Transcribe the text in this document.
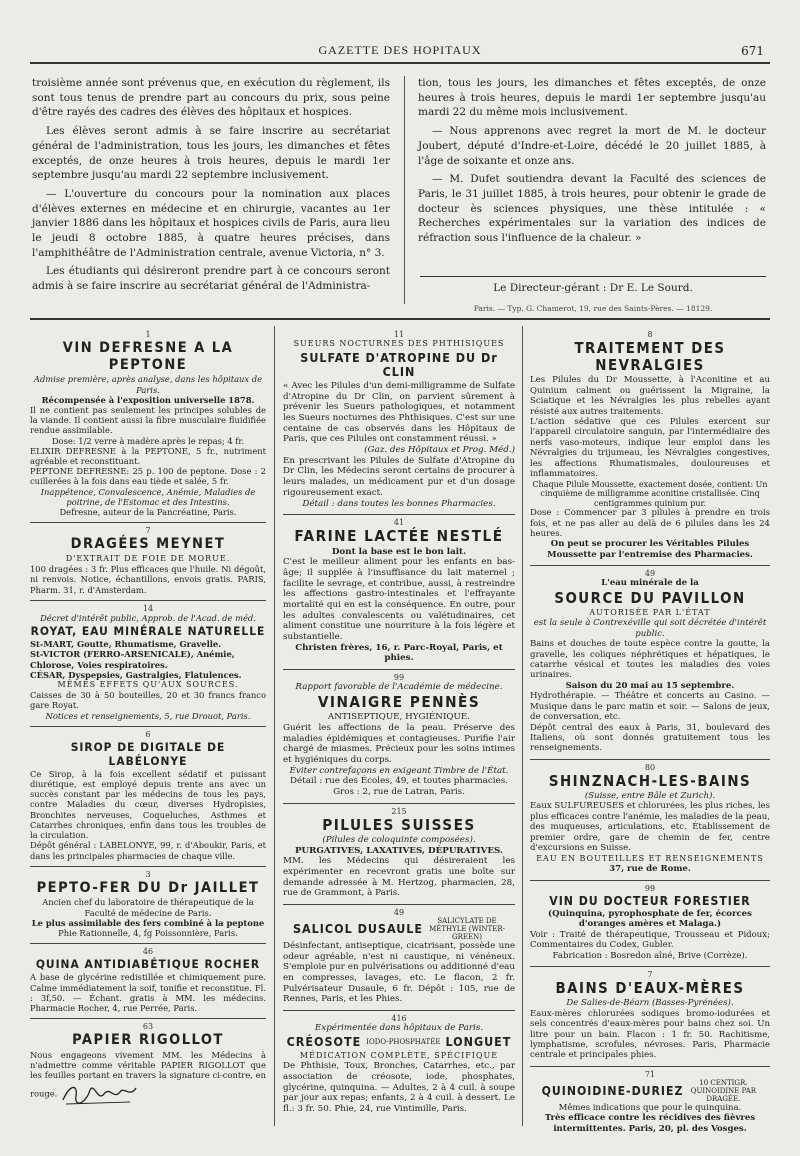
GAZETTE DES HOPITAUX	671

troisième année sont prévenus que, en exécution du règlement, ils sont tous tenus de prendre part au concours du prix, sous peine d'être rayés des cadres des élèves des hôpitaux et hospices.

Les élèves seront admis à se faire inscrire au secrétariat général de l'administration, tous les jours, les dimanches et fêtes exceptés, de onze heures à trois heures, depuis le mardi 1er septembre jusqu'au mardi 22 septembre inclusivement.

— L'ouverture du concours pour la nomination aux places d'élèves externes en médecine et en chirurgie, vacantes au 1er janvier 1886 dans les hôpitaux et hospices civils de Paris, aura lieu le jeudi 8 octobre 1885, à quatre heures précises, dans l'amphithéâtre de l'Administration centrale, avenue Victoria, n° 3.

Les étudiants qui désireront prendre part à ce concours seront admis à se faire inscrire au secrétariat général de l'Administra-

tion, tous les jours, les dimanches et fêtes exceptés, de onze heures à trois heures, depuis le mardi 1er septembre jusqu'au mardi 22 du même mois inclusivement.

— Nous apprenons avec regret la mort de M. le docteur Joubert, député d'Indre-et-Loire, décédé le 20 juillet 1885, à l'âge de soixante et onze ans.

— M. Dufet soutiendra devant la Faculté des sciences de Paris, le 31 juillet 1885, à trois heures, pour obtenir le grade de docteur ès sciences physiques, une thèse intitulée : « Recherches expérimentales sur la variation des indices de réfraction sous l'influence de la chaleur. »

Le Directeur-gérant : Dr E. Le Sourd.
Paris. — Typ. G. Chamerot, 19, rue des Saints-Pères. — 18129.
1
VIN DEFRESNE A LA PEPTONE
Admise première, après analyse, dans les hôpitaux de Paris.
Récompensée à l'exposition universelle 1878.
Il ne contient pas seulement les principes solubles de la viande. Il contient aussi la fibre musculaire fluidifiée rendue assimilable.
Dose: 1/2 verre à madère après le repas; 4 fr.
ELIXIR DEFRESNE à la PEPTONE, 5 fr., nutriment agréable et reconstituant.
PEPTONE DEFRESNE: 25 p. 100 de peptone. Dose : 2 cuillerées à la fois dans eau tiède et salée, 5 fr.
Inappétence, Convalescence, Anémie, Maladies de poitrine, de l'Estomac et des Intestins.
Defresne, auteur de la Pancréatine, Paris.
7
DRAGÉES MEYNET
D'EXTRAIT DE FOIE DE MORUE.
100 dragées : 3 fr. Plus efficaces que l'huile. Ni dégoût, ni renvois. Notice, échantillons, envois gratis. PARIS, Pharm. 31, r. d'Amsterdam.
14
Décret d'intérêt public, Approb. de l'Acad. de méd.
ROYAT, EAU MINÉRALE NATURELLE
St-MART, Goutte, Rhumatisme, Gravelle.
St-VICTOR (FERRO-ARSENICALE), Anémie, Chlorose, Voies respiratoires.
CÉSAR, Dyspepsies, Gastralgies, Flatulences.
MÊMES EFFETS QU'AUX SOURCES.
Caisses de 30 à 50 bouteilles, 20 et 30 francs franco gare Royat.
Notices et renseignements, 5, rue Drouot, Paris.
6
SIROP DE DIGITALE DE LABÉLONYE
Ce Sirop, à la fois excellent sédatif et puissant diurétique, est employé depuis trente ans avec un succès constant par les médecins de tous les pays, contre Maladies du cœur, diverses Hydropisies, Bronchites nerveuses, Coqueluches, Asthmes et Catarrhes chroniques, enfin dans tous les troubles de la circulation.
Dépôt général : LABELONYE, 99, r. d'Aboukir, Paris, et dans les principales pharmacies de chaque ville.
3
PEPTO-FER DU Dr JAILLET
Ancien chef du laboratoire de thérapeutique de la Faculté de médecine de Paris.
Le plus assimilable des fers combiné à la peptone
Phie Rationnelle, 4, fg Poissonnière, Paris.
46
QUINA ANTIDIABÉTIQUE ROCHER
A base de glycérine redistillée et chimiquement pure. Calme immédiatement la soif, tonifie et reconstitue. Fl. : 3f,50. — Échant. gratis à MM. les médecins. Pharmacie Rocher, 4, rue Perrée, Paris.
63
PAPIER RIGOLLOT
Nous engageons vivement MM. les Médecins à n'admettre comme véritable PAPIER RIGOLLOT que les feuilles portant en travers la signature ci-contre, en rouge.
11
SUEURS NOCTURNES DES PHTHISIQUES
SULFATE D'ATROPINE DU Dr CLIN
« Avec les Pilules d'un demi-milligramme de Sulfate d'Atropine du Dr Clin, on parvient sûrement à prévenir les Sueurs pathologiques, et notamment les Sueurs nocturnes des Phthisiques. C'est sur une centaine de cas observés dans les Hôpitaux de Paris, que ces Pilules ont constamment réussi. »
(Gaz. des Hôpitaux et Prog. Méd.)
En prescrivant les Pilules de Sulfate d'Atropine du Dr Clin, les Médecins seront certains de procurer à leurs malades, un médicament pur et d'un dosage rigoureusement exact.
Détail : dans toutes les bonnes Pharmacies.
41
FARINE LACTÉE NESTLÉ
Dont la base est le bon lait.
C'est le meilleur aliment pour les enfants en bas-âge; il supplée à l'insuffisance du lait maternel ; facilite le sevrage, et contribue, aussi, à restreindre les affections gastro-intestinales et l'effrayante mortalité qui en est la conséquence. En outre, pour les adultes convalescents ou valétudinaires, cet aliment constitue une nourriture à la fois légère et substantielle.
Christen frères, 16, r. Parc-Royal, Paris, et phies.
99
Rapport favorable de l'Académie de médecine.
VINAIGRE PENNÈS
ANTISEPTIQUE, HYGIÉNIQUE.
Guérit les affections de la peau. Préserve des maladies épidémiques et contagieuses. Purifie l'air chargé de miasmes. Précieux pour les soins intimes et hygiéniques du corps.
Éviter contrefaçons en exigeant Timbre de l'État.
Détail : rue des Écoles, 49, et toutes pharmacies. Gros : 2, rue de Latran, Paris.
215
PILULES SUISSES
(Pilules de coloquinte composées).
PURGATIVES, LAXATIVES, DÉPURATIVES.
MM. les Médecins qui désireraient les expérimenter en recevront gratis une boîte sur demande adressée à M. Hertzog, pharmacien, 28, rue de Grammont, à Paris.
49
SALICOL DUSAULE	SALICYLATE DE MÉTHYLE (WINTER-GREEN)
Désinfectant, antiseptique, cicatrisant, possède une odeur agréable, n'est ni caustique, ni vénéneux. S'emploie pur en pulvérisations ou additionné d'eau en compresses, lavages, etc. Le flacon, 2 fr. Pulvérisateur Dusaule, 6 fr. Dépôt : 105, rue de Rennes, Paris, et les Phies.
416
Expérimentée dans hôpitaux de Paris.
CRÉOSOTE IODO-PHOSPHATÉE LONGUET
MÉDICATION COMPLÈTE, SPÉCIFIQUE
De Phthisie, Toux, Bronches, Catarrhes, etc., par association de créosote, iode, phosphates, glycérine, quinquina. — Adultes, 2 à 4 cuil. à soupe par jour aux repas; enfants, 2 à 4 cuil. à dessert. Le fl.: 3 fr. 50. Phie, 24, rue Vintimille, Paris.
8
TRAITEMENT DES NEVRALGIES
Les Pilules du Dr Moussette, à l'Aconitine et au Quinium calment ou guérissent la Migraine, la Sciatique et les Névralgies les plus rebelles ayant résisté aux autres traitements.
L'action sédative que ces Pilules exercent sur l'appareil circulatoire sanguin, par l'intermédiaire des nerfs vaso-moteurs, indique leur emploi dans les Névralgies du trijumeau, les Névralgies congestives, les affections Rhumatismales, douloureuses et inflammatoires.
Chaque Pilule Moussette, exactement dosée, contient: Un cinquième de milligramme aconitine cristallisée. Cinq centigrammes quinium pur.
Dose : Commencer par 3 pilules à prendre en trois fois, et ne pas aller au delà de 6 pilules dans les 24 heures.
On peut se procurer les Véritables Pilules Moussette par l'entremise des Pharmacies.
49
L'eau minérale de la
SOURCE DU PAVILLON
AUTORISÉE PAR L'ÉTAT
est la seule à Contrexéville qui soit décrétée d'intérêt public.
Bains et douches de toute espèce contre la goutte, la gravelle, les coliques néphrétiques et hépatiques, le catarrhe vésical et toutes les maladies des voies urinaires.
Saison du 20 mai au 15 septembre.
Hydrothérapie. — Théâtre et concerts au Casino. — Musique dans le parc matin et soir. — Salons de jeux, de conversation, etc.
Dépôt central des eaux à Paris, 31, boulevard des Italiens, où sont donnés gratuitement tous les renseignements.
80
SHINZNACH-LES-BAINS
(Suisse, entre Bâle et Zurich).
Eaux SULFUREUSES et chlorurées, les plus riches, les plus efficaces contre l'anémie, les maladies de la peau, des muqueuses, articulations, etc. Établissement de premier ordre, gare de chemin de fer, centre d'excursions en Suisse.
EAU EN BOUTEILLES ET RENSEIGNEMENTS
37, rue de Rome.
99
VIN DU DOCTEUR FORESTIER
(Quinquina, pyrophosphate de fer, écorces d'oranges amères et Malaga.)
Voir : Traité de thérapeutique, Trousseau et Pidoux; Commentaires du Codex, Gubler.
Fabrication : Bosredon aîné, Brive (Corrèze).
7
BAINS D'EAUX-MÈRES
De Salies-de-Béarn (Basses-Pyrénées).
Eaux-mères chlorurées sodiques bromo-iodurées et sels concentrés d'eaux-mères pour bains chez soi. Un litre pour un bain. Flacon : 1 fr. 50. Rachitisme, lymphatisme, scrofules, névroses. Paris, Pharmacie centrale et principales phies.
71
QUINOIDINE-DURIEZ
10 CENTIGR. QUINOIDINE PAR DRAGÉE.
Mêmes indications que pour le quinquina.
Très efficace contre les récidives des fièvres intermittentes. Paris, 20, pl. des Vosges.
